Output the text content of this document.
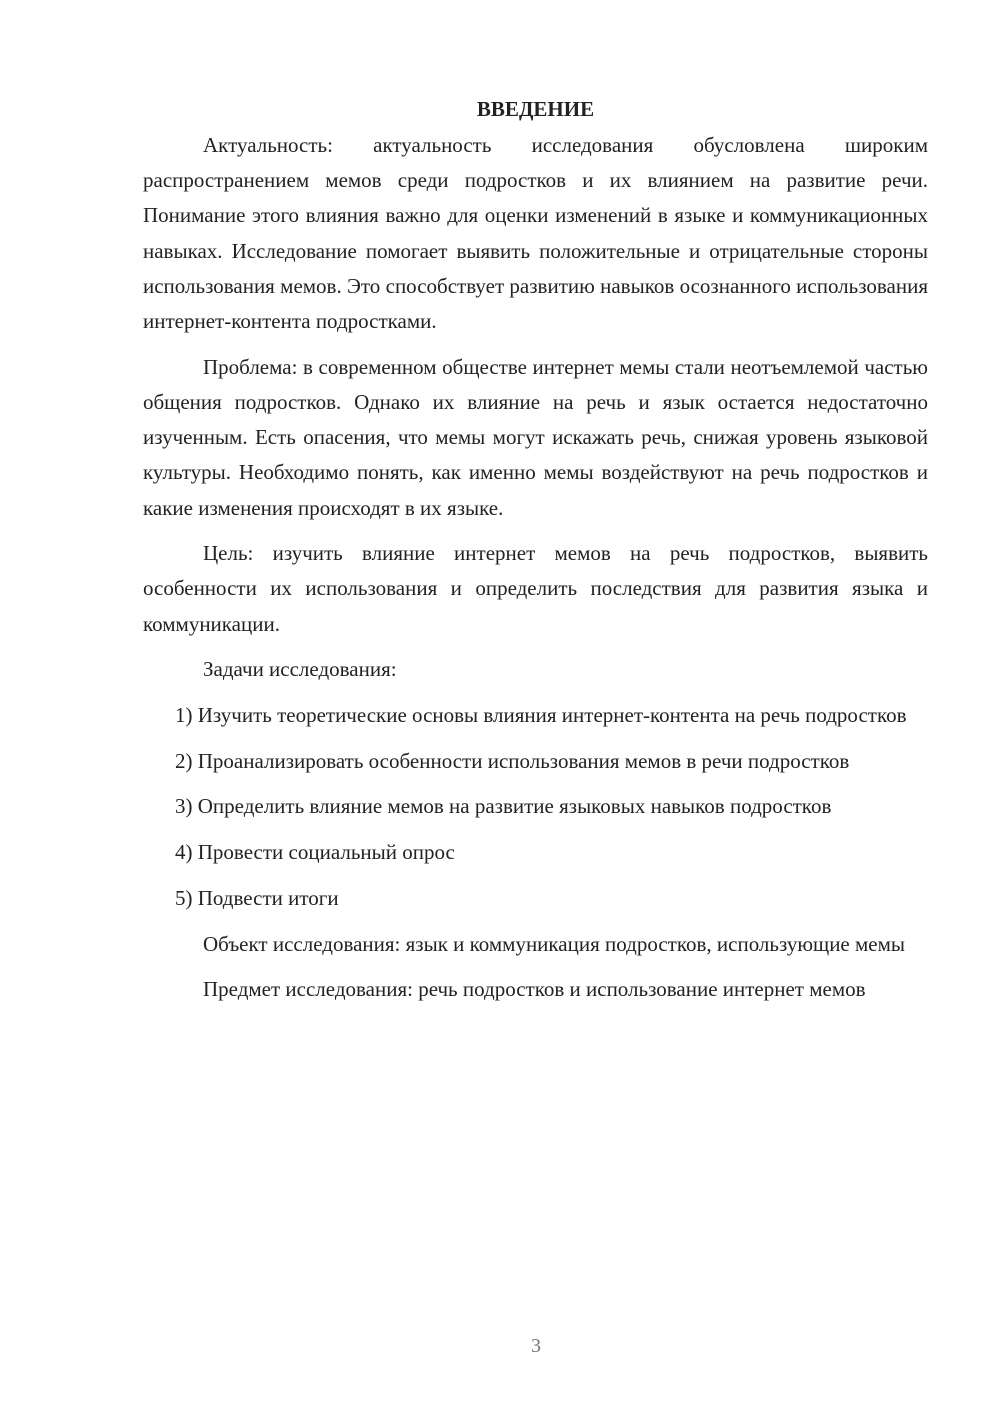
ВВЕДЕНИЕ

Актуальность: актуальность исследования обусловлена широким распространением мемов среди подростков и их влиянием на развитие речи. Понимание этого влияния важно для оценки изменений в языке и коммуникационных навыках. Исследование помогает выявить положительные и отрицательные стороны использования мемов. Это способствует развитию навыков осознанного использования интернет-контента подростками.

Проблема: в современном обществе интернет мемы стали неотъемлемой частью общения подростков. Однако их влияние на речь и язык остается недостаточно изученным. Есть опасения, что мемы могут искажать речь, снижая уровень языковой культуры. Необходимо понять, как именно мемы воздействуют на речь подростков и какие изменения происходят в их языке.

Цель: изучить влияние интернет мемов на речь подростков, выявить особенности их использования и определить последствия для развития языка и коммуникации.

Задачи исследования:

1) Изучить теоретические основы влияния интернет-контента на речь подростков

2) Проанализировать особенности использования мемов в речи подростков

3) Определить влияние мемов на развитие языковых навыков подростков

4) Провести социальный опрос

5) Подвести итоги

Объект исследования: язык и коммуникация подростков, использующие мемы

Предмет исследования: речь подростков и использование интернет мемов

3
